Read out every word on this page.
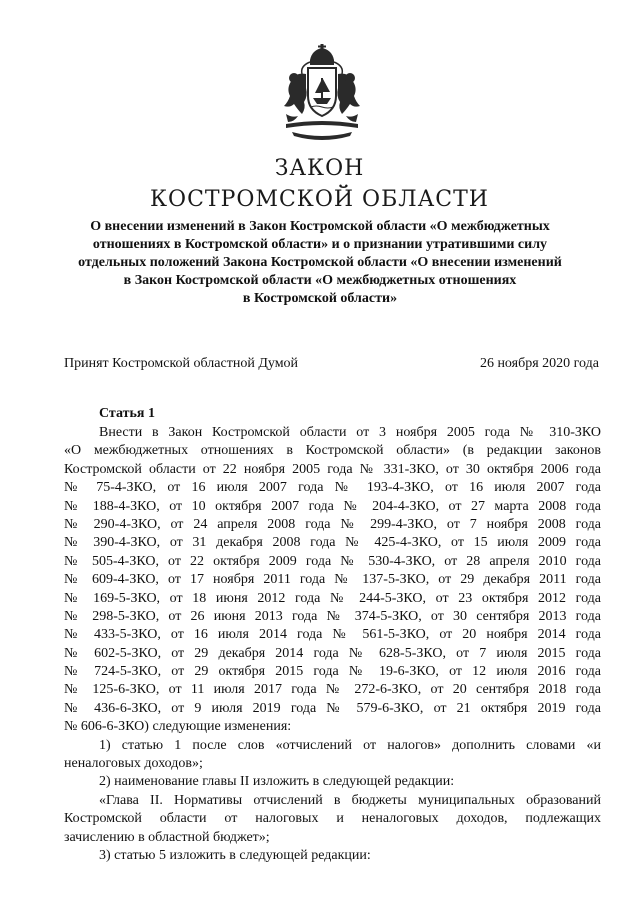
ЗАКОН
КОСТРОМСКОЙ ОБЛАСТИ
О внесении изменений в Закон Костромской области «О межбюджетных
отношениях в Костромской области» и о признании утратившими силу
отдельных положений Закона Костромской области «О внесении изменений
в Закон Костромской области «О межбюджетных отношениях
в Костромской области»
Принят Костромской областной Думой	26 ноября 2020 года
Статья 1
Внести в Закон Костромской области от 3 ноября 2005 года № 310-ЗКО
«О межбюджетных отношениях в Костромской области» (в редакции законов
Костромской области от 22 ноября 2005 года № 331-ЗКО, от 30 октября 2006 года
№ 75-4-ЗКО, от 16 июля 2007 года № 193-4-ЗКО, от 16 июля 2007 года
№ 188-4-ЗКО, от 10 октября 2007 года № 204-4-ЗКО, от 27 марта 2008 года
№ 290-4-ЗКО, от 24 апреля 2008 года № 299-4-ЗКО, от 7 ноября 2008 года
№ 390-4-ЗКО, от 31 декабря 2008 года № 425-4-ЗКО, от 15 июля 2009 года
№ 505-4-ЗКО, от 22 октября 2009 года № 530-4-ЗКО, от 28 апреля 2010 года
№ 609-4-ЗКО, от 17 ноября 2011 года № 137-5-ЗКО, от 29 декабря 2011 года
№ 169-5-ЗКО, от 18 июня 2012 года № 244-5-ЗКО, от 23 октября 2012 года
№ 298-5-ЗКО, от 26 июня 2013 года № 374-5-ЗКО, от 30 сентября 2013 года
№ 433-5-ЗКО, от 16 июля 2014 года № 561-5-ЗКО, от 20 ноября 2014 года
№ 602-5-ЗКО, от 29 декабря 2014 года № 628-5-ЗКО, от 7 июля 2015 года
№ 724-5-ЗКО, от 29 октября 2015 года № 19-6-ЗКО, от 12 июля 2016 года
№ 125-6-ЗКО, от 11 июля 2017 года № 272-6-ЗКО, от 20 сентября 2018 года
№ 436-6-ЗКО, от 9 июля 2019 года № 579-6-ЗКО, от 21 октября 2019 года
№ 606-6-ЗКО) следующие изменения:
1) статью 1 после слов «отчислений от налогов» дополнить словами «и
неналоговых доходов»;
2) наименование главы II изложить в следующей редакции:
«Глава II. Нормативы отчислений в бюджеты муниципальных образований
Костромской области от налоговых и неналоговых доходов, подлежащих
зачислению в областной бюджет»;
3) статью 5 изложить в следующей редакции:
